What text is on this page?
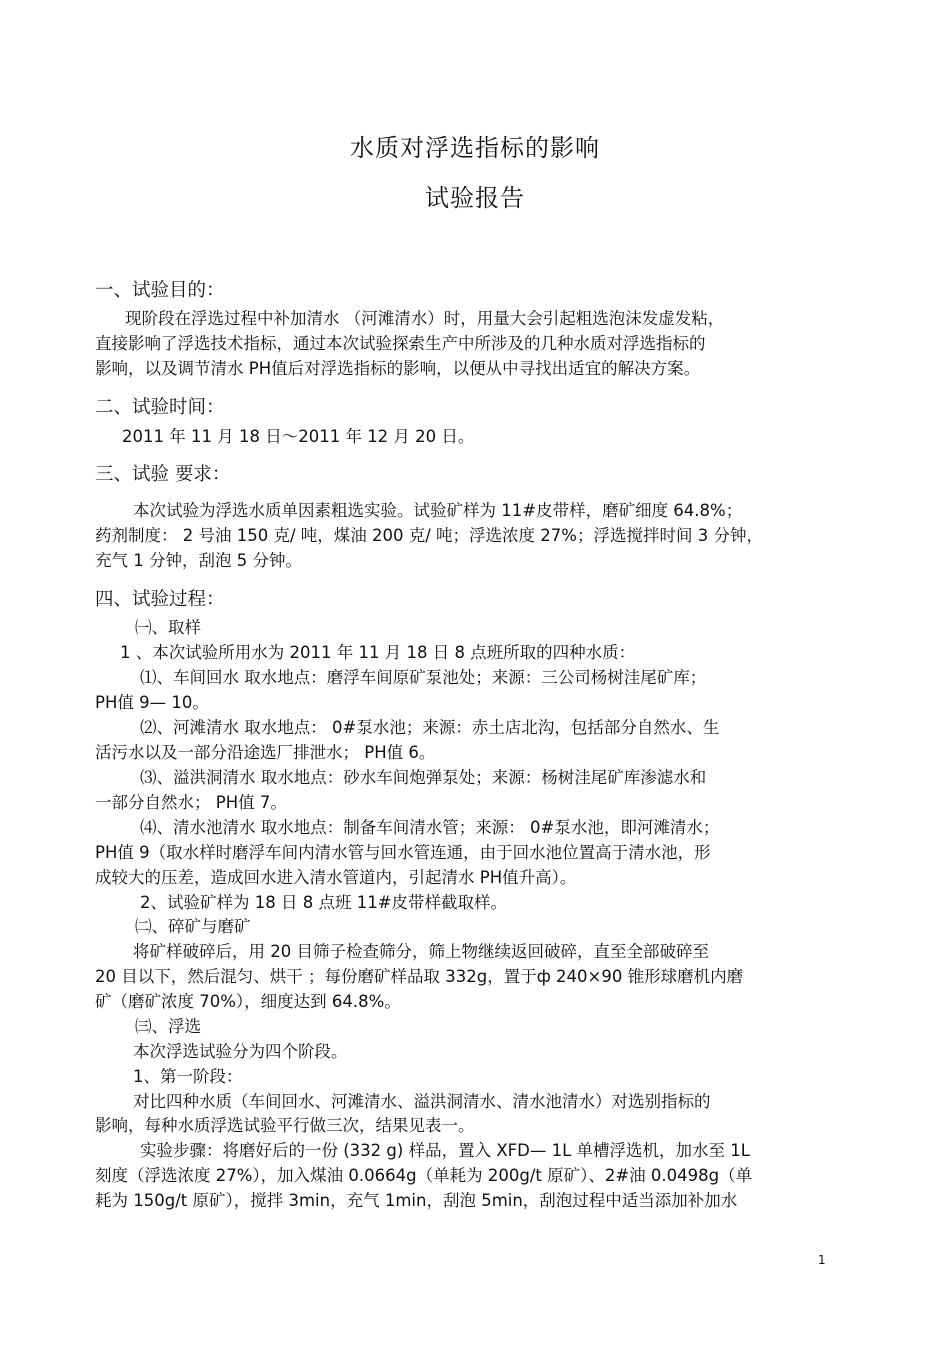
水质对浮选指标的影响
试验报告
一、试验目的：
现阶段在浮选过程中补加清水 （河滩清水）时，用量大会引起粗选泡沫发虚发粘，
直接影响了浮选技术指标，通过本次试验探索生产中所涉及的几种水质对浮选指标的
影响，以及调节清水 PH值后对浮选指标的影响，以便从中寻找出适宜的解决方案。
二、试验时间：
2011 年 11 月 18 日～2011 年 12 月 20 日。
三、试验 要求：
本次试验为浮选水质单因素粗选实验。试验矿样为 11#皮带样，磨矿细度 64.8%；
药剂制度： 2 号油 150 克/ 吨，煤油 200 克/ 吨；浮选浓度 27%；浮选搅拌时间 3 分钟，
充气 1 分钟，刮泡 5 分钟。
四、试验过程：
㈠、取样
1 、本次试验所用水为 2011 年 11 月 18 日 8 点班所取的四种水质：
⑴、车间回水 取水地点：磨浮车间原矿泵池处；来源：三公司杨树洼尾矿库；
PH值 9— 10。
⑵、河滩清水 取水地点： 0#泵水池；来源：赤土店北沟，包括部分自然水、生
活污水以及一部分沿途选厂排泄水； PH值 6。
⑶、溢洪洞清水 取水地点：砂水车间炮弹泵处；来源：杨树洼尾矿库渗滤水和
一部分自然水； PH值 7。
⑷、清水池清水 取水地点：制备车间清水管；来源： 0#泵水池，即河滩清水；
PH值 9（取水样时磨浮车间内清水管与回水管连通，由于回水池位置高于清水池，形
成较大的压差，造成回水进入清水管道内，引起清水 PH值升高）。
2、试验矿样为 18 日 8 点班 11#皮带样截取样。
㈡、碎矿与磨矿
将矿样破碎后，用 20 目筛子检查筛分，筛上物继续返回破碎，直至全部破碎至
20 目以下，然后混匀、烘干 ；每份磨矿样品取 332g，置于ф 240×90 锥形球磨机内磨
矿（磨矿浓度 70%），细度达到 64.8%。
㈢、浮选
本次浮选试验分为四个阶段。
1、第一阶段：
对比四种水质（车间回水、河滩清水、溢洪洞清水、清水池清水）对选别指标的
影响，每种水质浮选试验平行做三次，结果见表一。
实验步骤：将磨好后的一份 (332 g) 样品，置入 XFD— 1L 单槽浮选机，加水至 1L
刻度（浮选浓度 27%），加入煤油 0.0664g（单耗为 200g/t 原矿）、2#油 0.0498g（单
耗为 150g/t 原矿），搅拌 3min，充气 1min，刮泡 5min，刮泡过程中适当添加补加水
1
